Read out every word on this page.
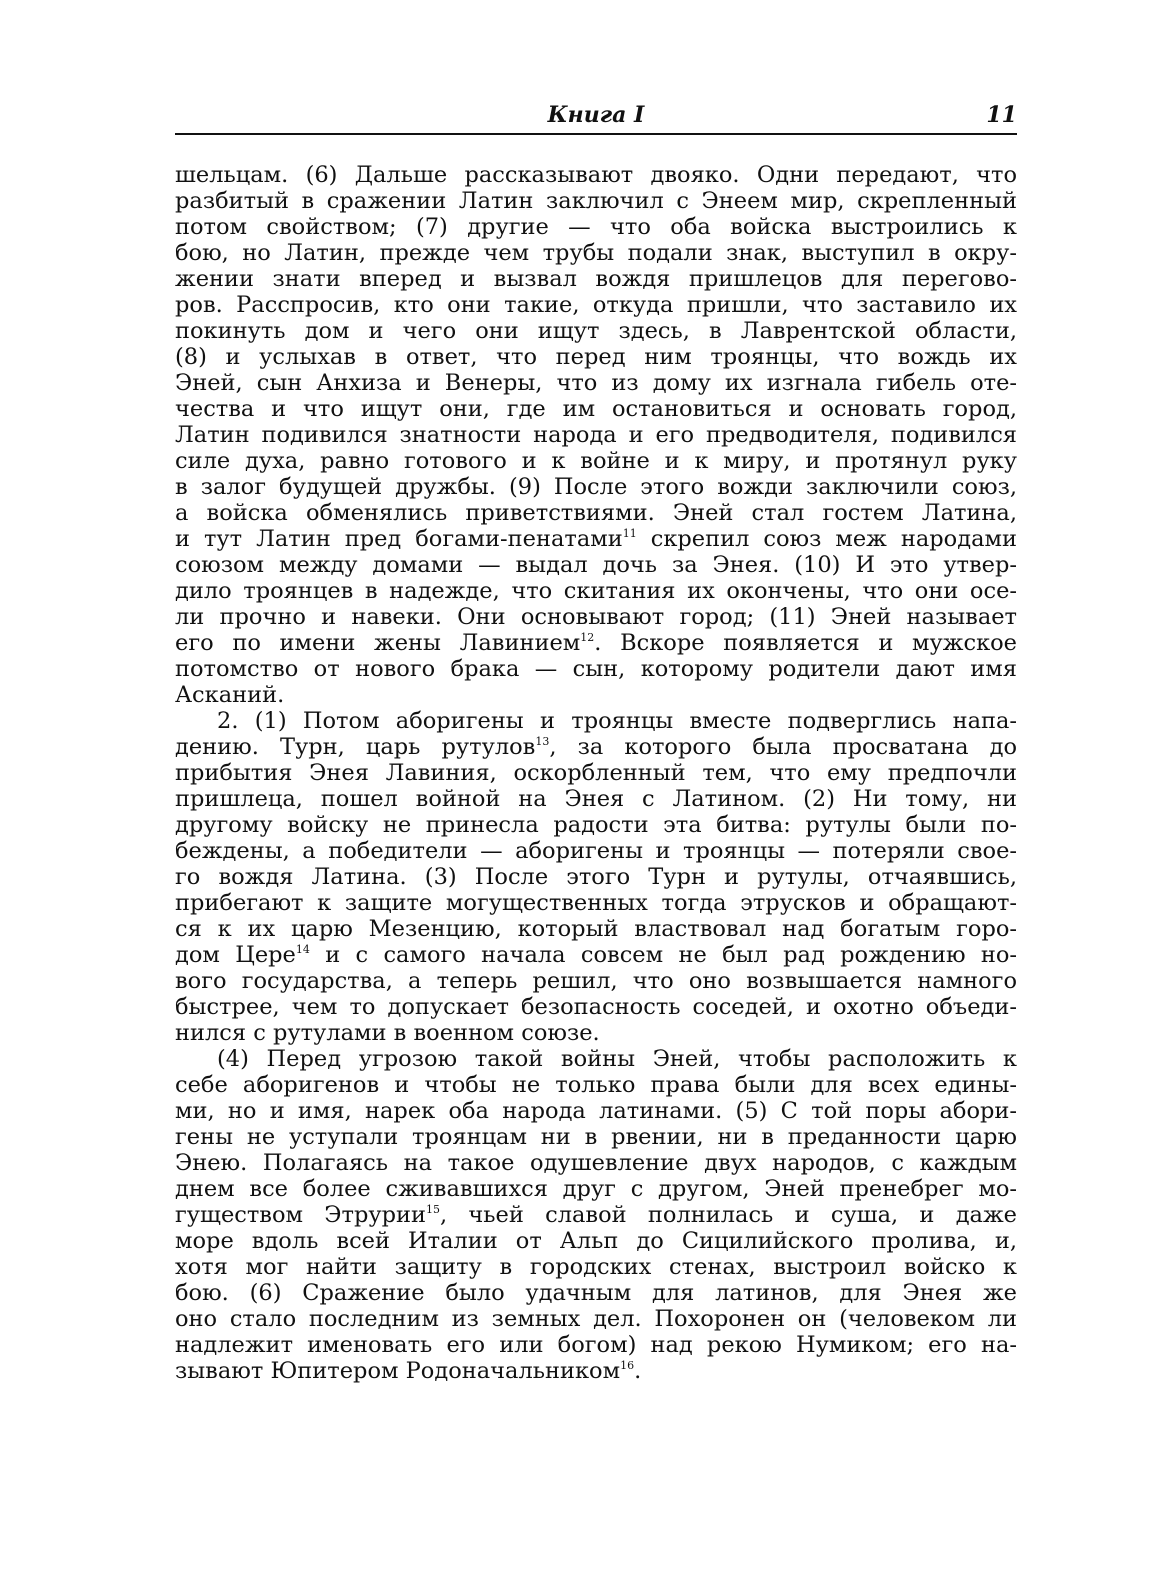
Книга I	11
шельцам. (6) Дальше рассказывают двояко. Одни передают, что
разбитый в сражении Латин заключил с Энеем мир, скрепленный
потом свойством; (7) другие — что оба войска выстроились к
бою, но Латин, прежде чем трубы подали знак, выступил в окру-
жении знати вперед и вызвал вождя пришлецов для перегово-
ров. Расспросив, кто они такие, откуда пришли, что заставило их
покинуть дом и чего они ищут здесь, в Лаврентской области,
(8) и услыхав в ответ, что перед ним троянцы, что вождь их
Эней, сын Анхиза и Венеры, что из дому их изгнала гибель оте-
чества и что ищут они, где им остановиться и основать город,
Латин подивился знатности народа и его предводителя, подивился
силе духа, равно готового и к войне и к миру, и протянул руку
в залог будущей дружбы. (9) После этого вожди заключили союз,
а войска обменялись приветствиями. Эней стал гостем Латина,
и тут Латин пред богами-пенатами$^{11}$ скрепил союз меж народами
союзом между домами — выдал дочь за Энея. (10) И это утвер-
дило троянцев в надежде, что скитания их окончены, что они осе-
ли прочно и навеки. Они основывают город; (11) Эней называет
его по имени жены Лавинием$^{12}$. Вскоре появляется и мужское
потомство от нового брака — сын, которому родители дают имя
Асканий.
2. (1) Потом аборигены и троянцы вместе подверглись напа-
дению. Турн, царь рутулов$^{13}$, за которого была просватана до
прибытия Энея Лавиния, оскорбленный тем, что ему предпочли
пришлеца, пошел войной на Энея с Латином. (2) Ни тому, ни
другому войску не принесла радости эта битва: рутулы были по-
беждены, а победители — аборигены и троянцы — потеряли свое-
го вождя Латина. (3) После этого Турн и рутулы, отчаявшись,
прибегают к защите могущественных тогда этрусков и обращают-
ся к их царю Мезенцию, который властвовал над богатым горо-
дом Цере$^{14}$ и с самого начала совсем не был рад рождению но-
вого государства, а теперь решил, что оно возвышается намного
быстрее, чем то допускает безопасность соседей, и охотно объеди-
нился с рутулами в военном союзе.
(4) Перед угрозою такой войны Эней, чтобы расположить к
себе аборигенов и чтобы не только права были для всех едины-
ми, но и имя, нарек оба народа латинами. (5) С той поры абори-
гены не уступали троянцам ни в рвении, ни в преданности царю
Энею. Полагаясь на такое одушевление двух народов, с каждым
днем все более сживавшихся друг с другом, Эней пренебрег мо-
гуществом Этрурии$^{15}$, чьей славой полнилась и суша, и даже
море вдоль всей Италии от Альп до Сицилийского пролива, и,
хотя мог найти защиту в городских стенах, выстроил войско к
бою. (6) Сражение было удачным для латинов, для Энея же
оно стало последним из земных дел. Похоронен он (человеком ли
надлежит именовать его или богом) над рекою Нумиком; его на-
зывают Юпитером Родоначальником$^{16}$.
